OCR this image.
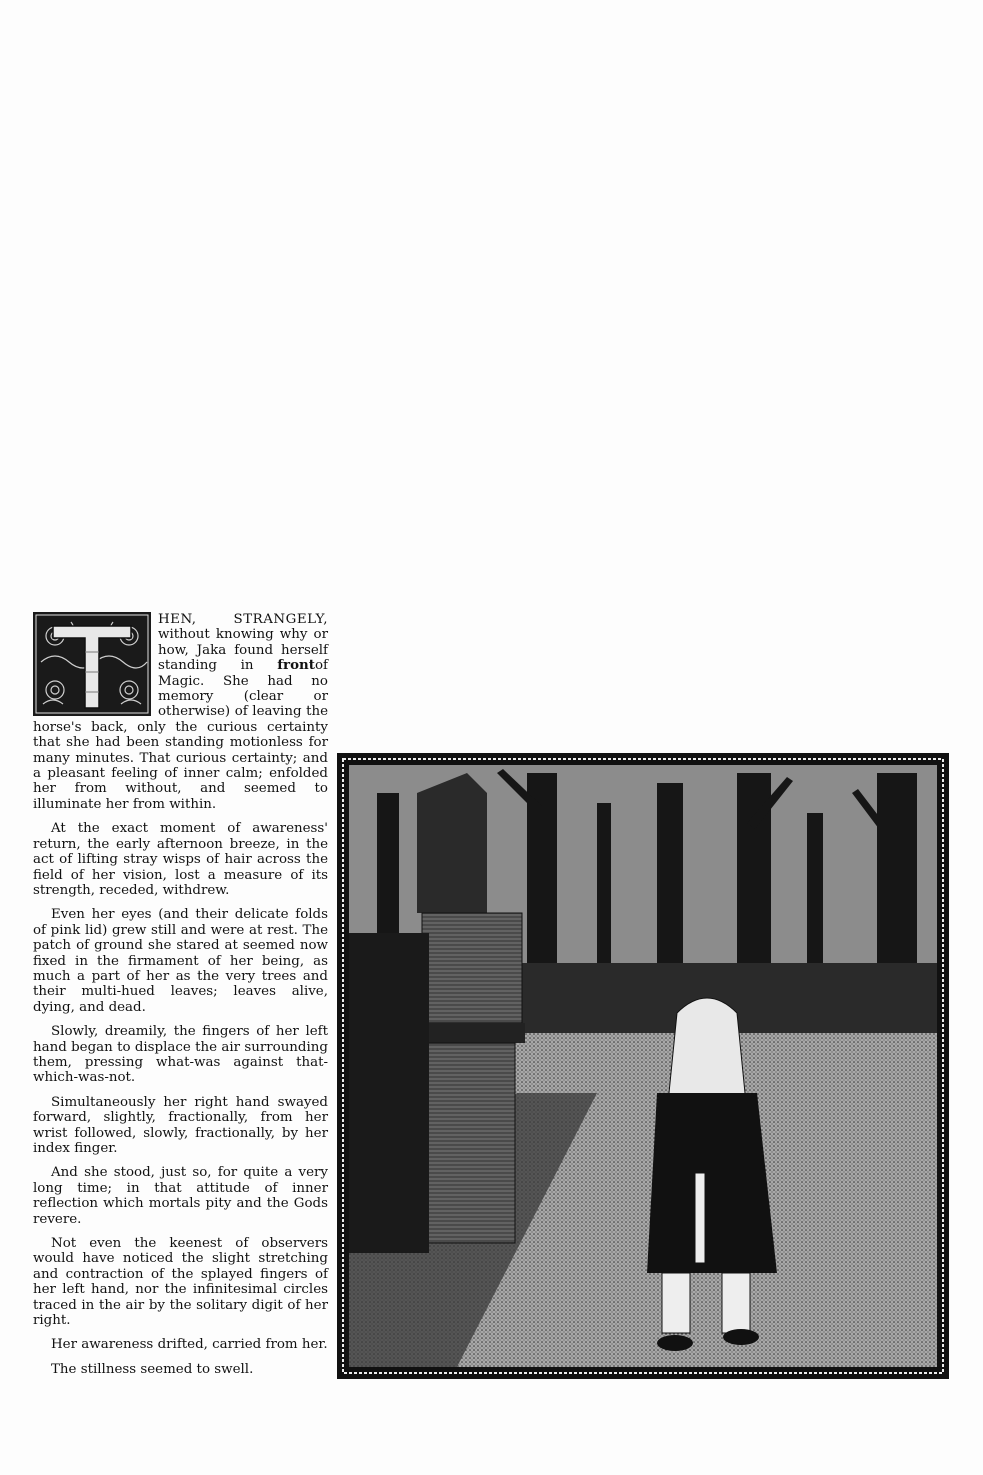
HEN, STRANGELY, without knowing why or how, Jaka found herself standing in frontof Magic. She had no memory (clear or otherwise) of leaving the horse's back, only the curious certainty that she had been standing motionless for many minutes. That curious certainty; and a pleasant feeling of inner calm; enfolded her from without, and seemed to illuminate her from within.

At the exact moment of awareness' return, the early afternoon breeze, in the act of lifting stray wisps of hair across the field of her vision, lost a measure of its strength, receded, withdrew.

Even her eyes (and their delicate folds of pink lid) grew still and were at rest. The patch of ground she stared at seemed now fixed in the firmament of her being, as much a part of her as the very trees and their multi-hued leaves; leaves alive, dying, and dead.

Slowly, dreamily, the fingers of her left hand began to displace the air surrounding them, pressing what-was against that-which-was-not.

Simultaneously her right hand swayed forward, slightly, fractionally, from her wrist followed, slowly, fractionally, by her index finger.

And she stood, just so, for quite a very long time; in that attitude of inner reflection which mortals pity and the Gods revere.

Not even the keenest of observers would have noticed the slight stretching and contraction of the splayed fingers of her left hand, nor the infinitesimal circles traced in the air by the solitary digit of her right.

Her awareness drifted, carried from her.

The stillness seemed to swell.
